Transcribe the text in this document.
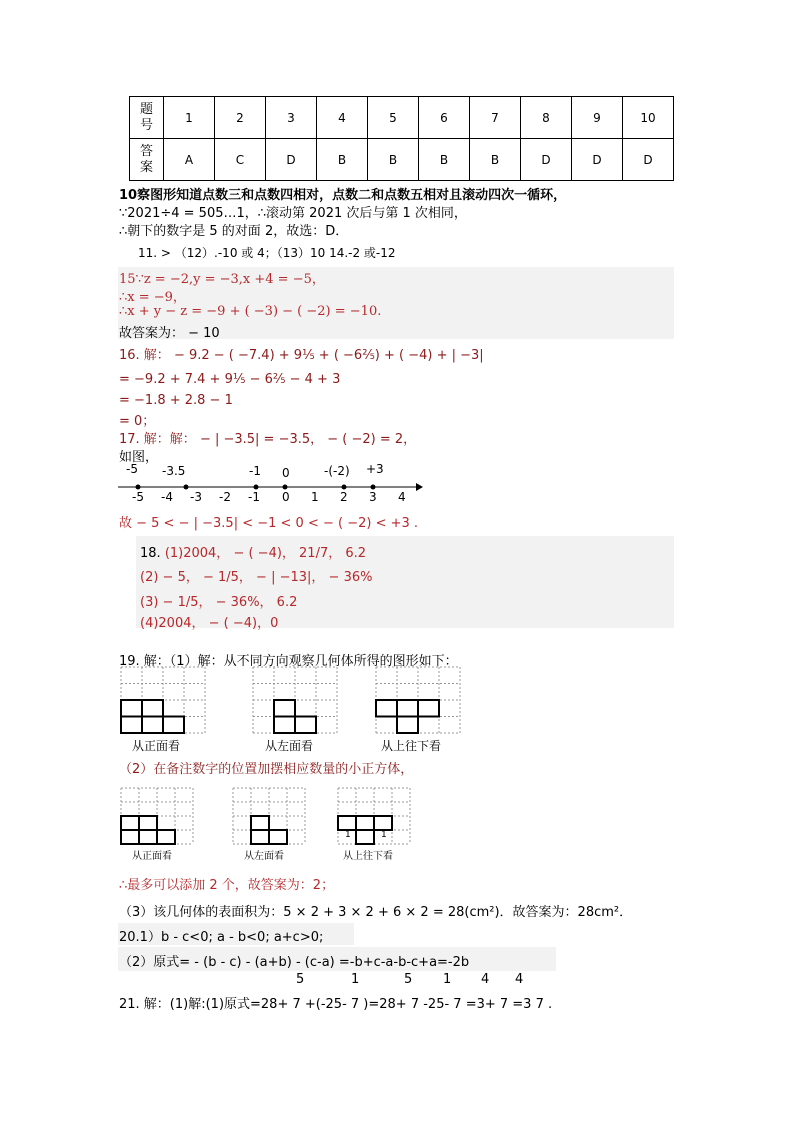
题
号	1	2	3	4	5	6	7	8	9	10
答
案	A	C	D	B	B	B	B	D	D	D
10察图形知道点数三和点数四相对，点数二和点数五相对且滚动四次一循环，
∵2021÷4 = 505…1，∴滚动第 2021 次后与第 1 次相同，
∴朝下的数字是 5 的对面 2，故选：D．
11. > （12）.-10 或 4；（13）10 14.-2 或-12
15∵z = −2,y = −3,x +4 = −5，
∴x = −9，
∴x + y − z = −9 + ( −3) − ( −2) = −10.
故答案为： − 10
16. 解： − 9.2 − ( −7.4) + 9⅕ + ( −6⅖) + ( −4) + | −3|
= −9.2 + 7.4 + 9⅕ − 6⅖ − 4 + 3
= −1.8 + 2.8 − 1
= 0；
17. 解：解： − | −3.5| = −3.5， − ( −2) = 2，
如图，
-5 -3.5	-1 0	-(-2) +3
-5 -4 -3 -2 -1 0 1 2 3 4
故 − 5 < − | −3.5| < −1 < 0 < − ( −2) < +3 .
18. (1)2004， − ( −4)， 21/7， 6.2
(2) − 5， − 1/5， − | −13|， − 36%
(3) − 1/5， − 36%， 6.2
(4)2004， − ( −4)，0
19. 解：（1）解：从不同方向观察几何体所得的图形如下：
从正面看	从左面看	从上往下看
（2）在备注数字的位置加摆相应数量的小正方体，
1	1
从正面看	从左面看	从上往下看
∴最多可以添加 2 个，故答案为：2；
（3）该几何体的表面积为：5 × 2 + 3 × 2 + 6 × 2 = 28(cm²)．故答案为：28cm²．
20.1）b - c<0; a - b<0; a+c>0;
（2）原式= - (b - c) - (a+b) - (c-a) =-b+c-a-b-c+a=-2b
5	1	5 1 4 4
21. 解：(1)解:(1)原式=28+ 7 +(-25- 7 )=28+ 7 -25- 7 =3+ 7 =3 7 .
